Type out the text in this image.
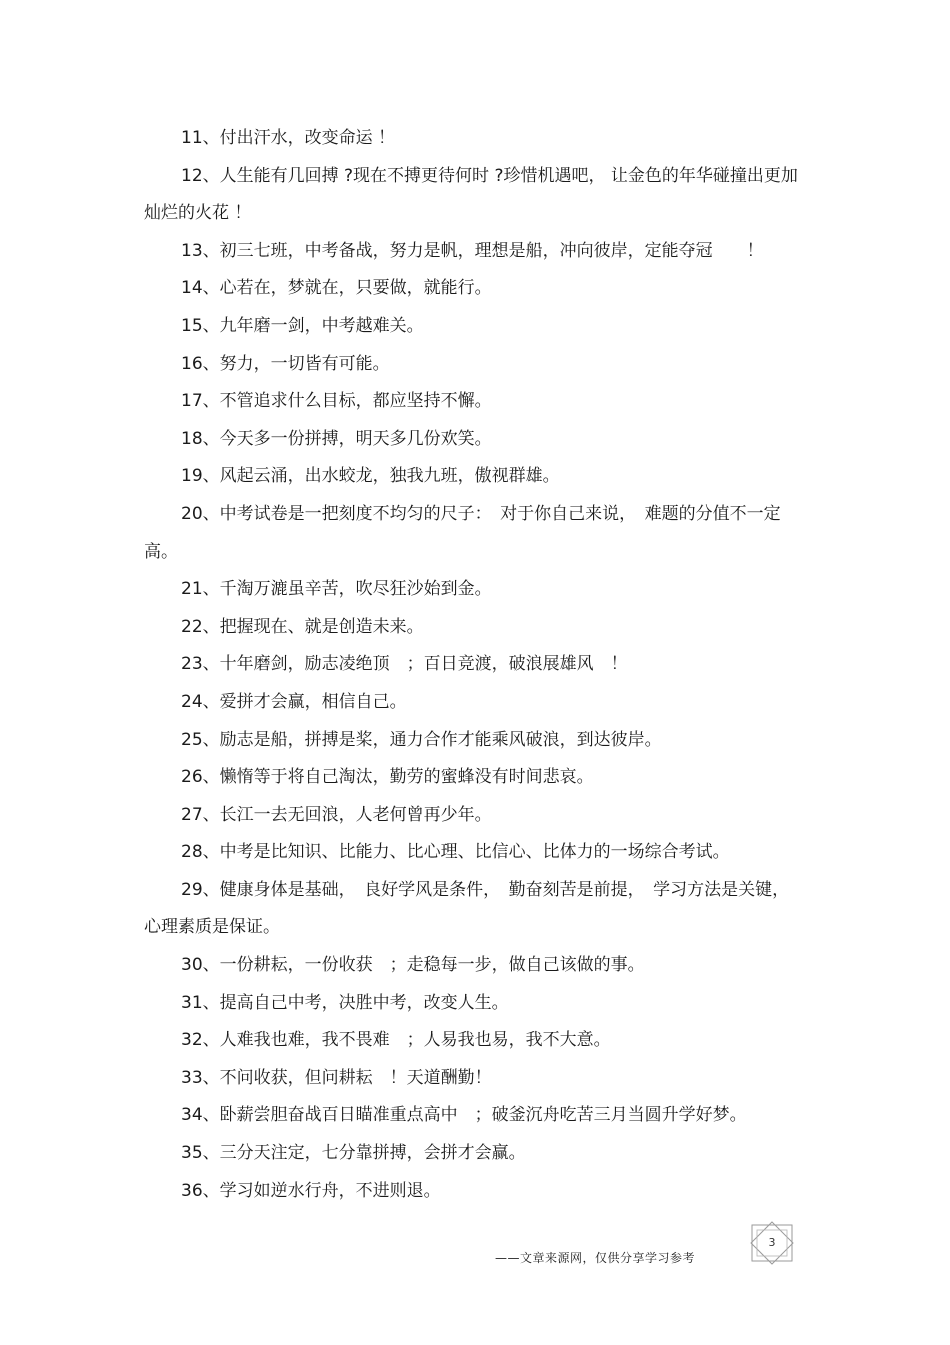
11、付出汗水，改变命运 ！

12、人生能有几回搏 ?现在不搏更待何时 ?珍惜机遇吧， 让金色的年华碰撞出更加灿烂的火花 ！

13、初三七班，中考备战，努力是帆，理想是船，冲向彼岸，定能夺冠　　！

14、心若在，梦就在，只要做，就能行。

15、九年磨一剑，中考越难关。

16、努力，一切皆有可能。

17、不管追求什么目标，都应坚持不懈。

18、今天多一份拼搏，明天多几份欢笑。

19、风起云涌，出水蛟龙，独我九班，傲视群雄。

20、中考试卷是一把刻度不均匀的尺子：　对于你自己来说，　难题的分值不一定高。

21、千淘万漉虽辛苦，吹尽狂沙始到金。

22、把握现在、就是创造未来。

23、十年磨剑，励志凌绝顶　；百日竞渡，破浪展雄风　！

24、爱拼才会赢，相信自己。

25、励志是船，拼搏是桨，通力合作才能乘风破浪，到达彼岸。

26、懒惰等于将自己淘汰，勤劳的蜜蜂没有时间悲哀。

27、长江一去无回浪，人老何曾再少年。

28、中考是比知识、比能力、比心理、比信心、比体力的一场综合考试。

29、健康身体是基础，　良好学风是条件，　勤奋刻苦是前提，　学习方法是关键，心理素质是保证。

30、一份耕耘，一份收获　；走稳每一步，做自己该做的事。

31、提高自己中考，决胜中考，改变人生。

32、人难我也难，我不畏难　；人易我也易，我不大意。

33、不问收获，但问耕耘　！天道酬勤！

34、卧薪尝胆奋战百日瞄准重点高中　；破釜沉舟吃苦三月当圆升学好梦。

35、三分天注定，七分靠拼搏，会拼才会赢。

36、学习如逆水行舟，不进则退。

——文章来源网，仅供分享学习参考
3
